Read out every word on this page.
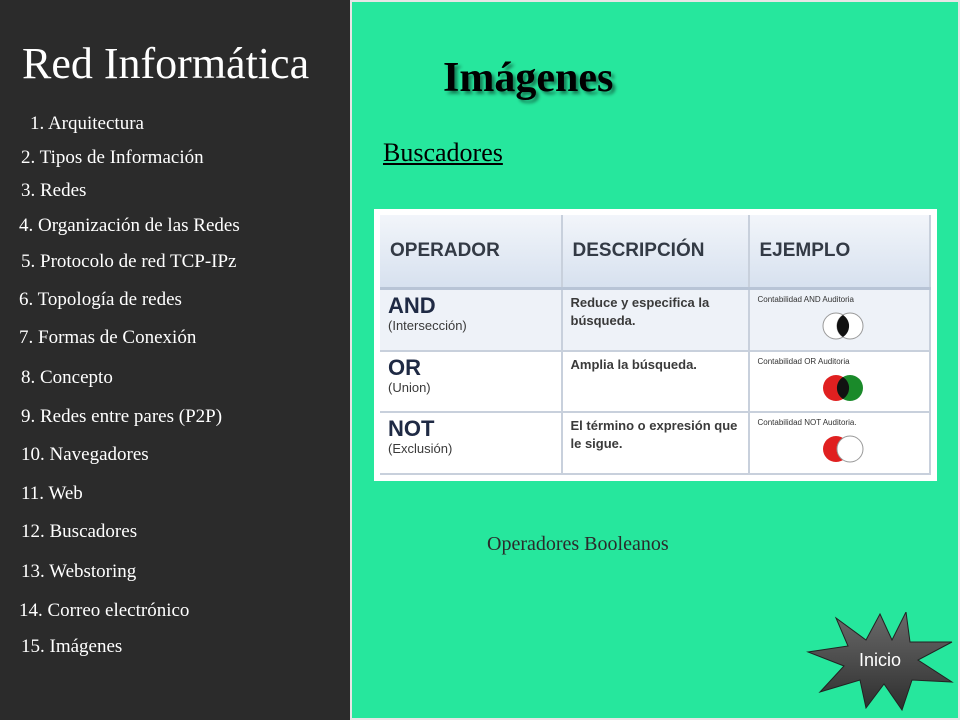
Red Informática
1. Arquitectura
2. Tipos de Información
3. Redes
4. Organización de las Redes
5. Protocolo de red TCP-IPz
6. Topología de redes
7. Formas de Conexión
8. Concepto
9. Redes entre pares (P2P)
10. Navegadores
11. Web
12. Buscadores
13. Webstoring
14. Correo electrónico
15. Imágenes
Imágenes
Buscadores
OPERADOR	DESCRIPCIÓN	EJEMPLO

AND
(Intersección)	Reduce y especifica la búsqueda.	Contabilidad AND Auditoria

OR
(Union)	Amplia la búsqueda.	Contabilidad OR Auditoria

NOT
(Exclusión)	El término o expresión que le sigue.	Contabilidad NOT Auditoria.
Operadores Booleanos
Inicio
